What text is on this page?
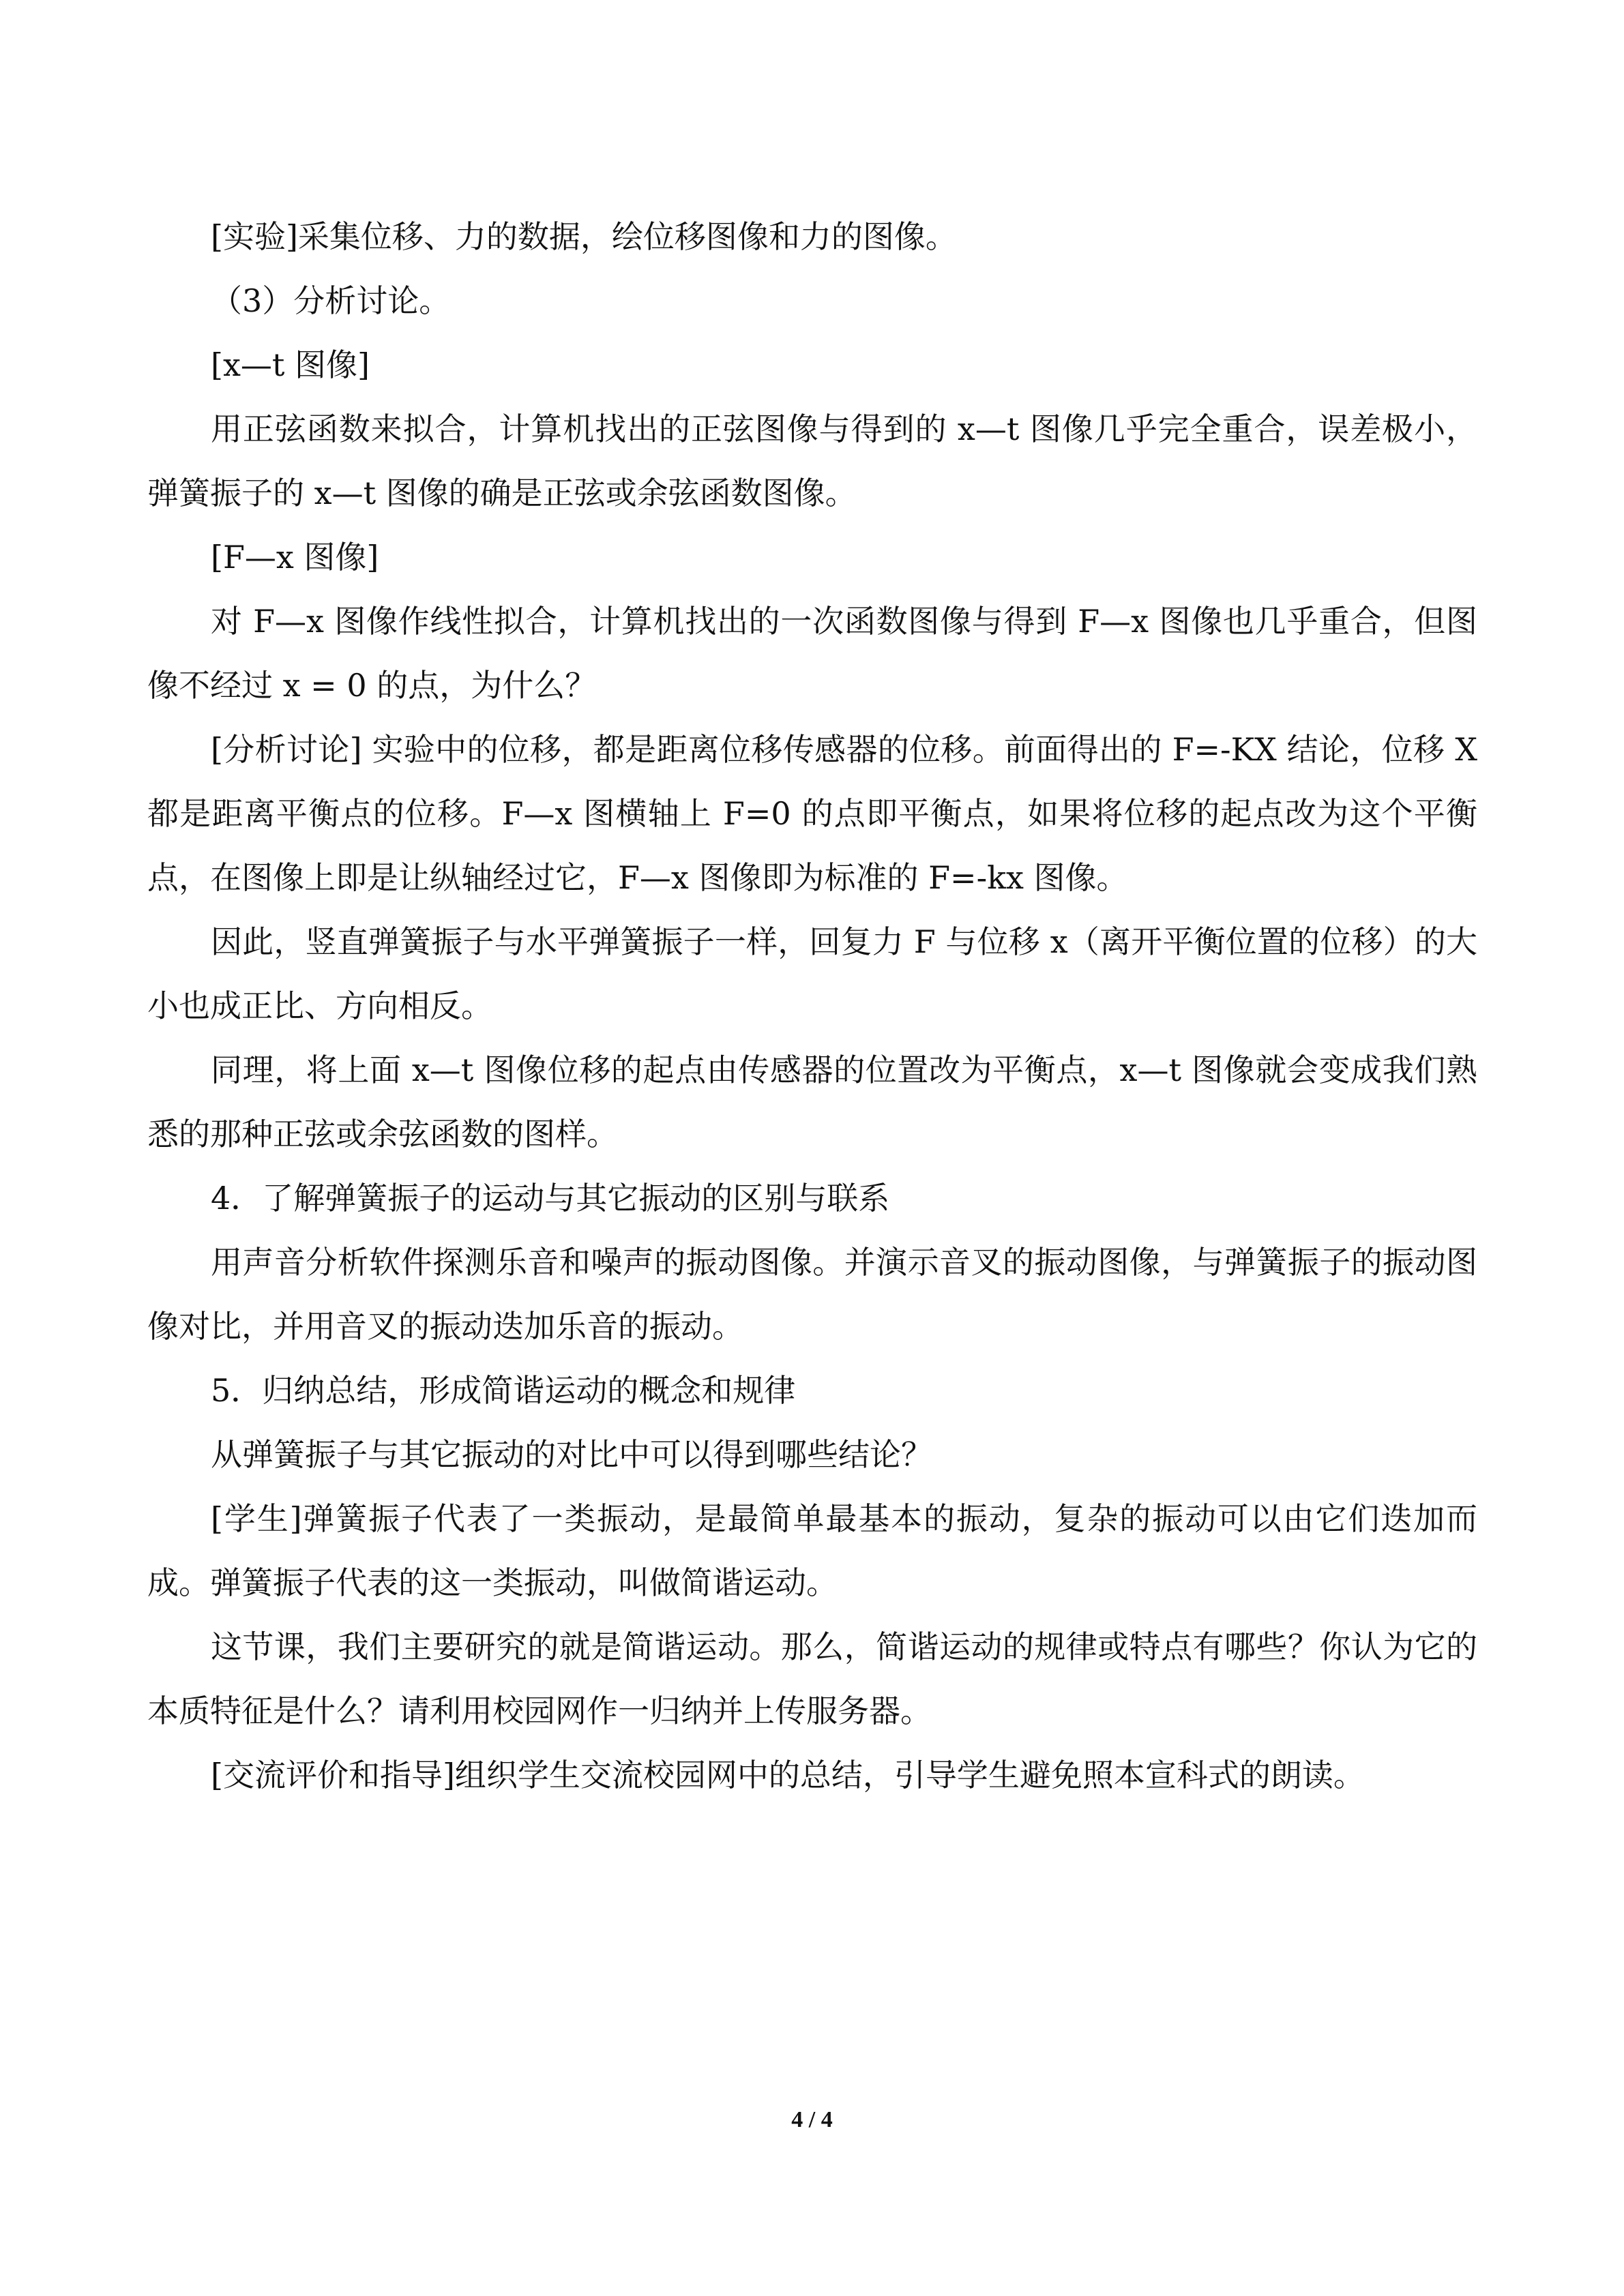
[实验]采集位移、力的数据，绘位移图像和力的图像。

（3）分析讨论。

[x—t 图像]

用正弦函数来拟合，计算机找出的正弦图像与得到的 x—t 图像几乎完全重合，误差极小，弹簧振子的 x—t 图像的确是正弦或余弦函数图像。

[F—x 图像]

对 F—x 图像作线性拟合，计算机找出的一次函数图像与得到 F—x 图像也几乎重合，但图像不经过 x = 0 的点，为什么？

[分析讨论] 实验中的位移，都是距离位移传感器的位移。前面得出的 F=-KX 结论，位移 X 都是距离平衡点的位移。F—x 图横轴上 F=0 的点即平衡点，如果将位移的起点改为这个平衡点，在图像上即是让纵轴经过它，F—x 图像即为标准的 F=-kx 图像。

因此，竖直弹簧振子与水平弹簧振子一样，回复力 F 与位移 x（离开平衡位置的位移）的大小也成正比、方向相反。

同理，将上面 x—t 图像位移的起点由传感器的位置改为平衡点，x—t 图像就会变成我们熟悉的那种正弦或余弦函数的图样。

4．了解弹簧振子的运动与其它振动的区别与联系

用声音分析软件探测乐音和噪声的振动图像。并演示音叉的振动图像，与弹簧振子的振动图像对比，并用音叉的振动迭加乐音的振动。

5．归纳总结，形成简谐运动的概念和规律

从弹簧振子与其它振动的对比中可以得到哪些结论？

[学生]弹簧振子代表了一类振动，是最简单最基本的振动，复杂的振动可以由它们迭加而成。弹簧振子代表的这一类振动，叫做简谐运动。

这节课，我们主要研究的就是简谐运动。那么，简谐运动的规律或特点有哪些？你认为它的本质特征是什么？请利用校园网作一归纳并上传服务器。

[交流评价和指导]组织学生交流校园网中的总结，引导学生避免照本宣科式的朗读。

4 / 4
